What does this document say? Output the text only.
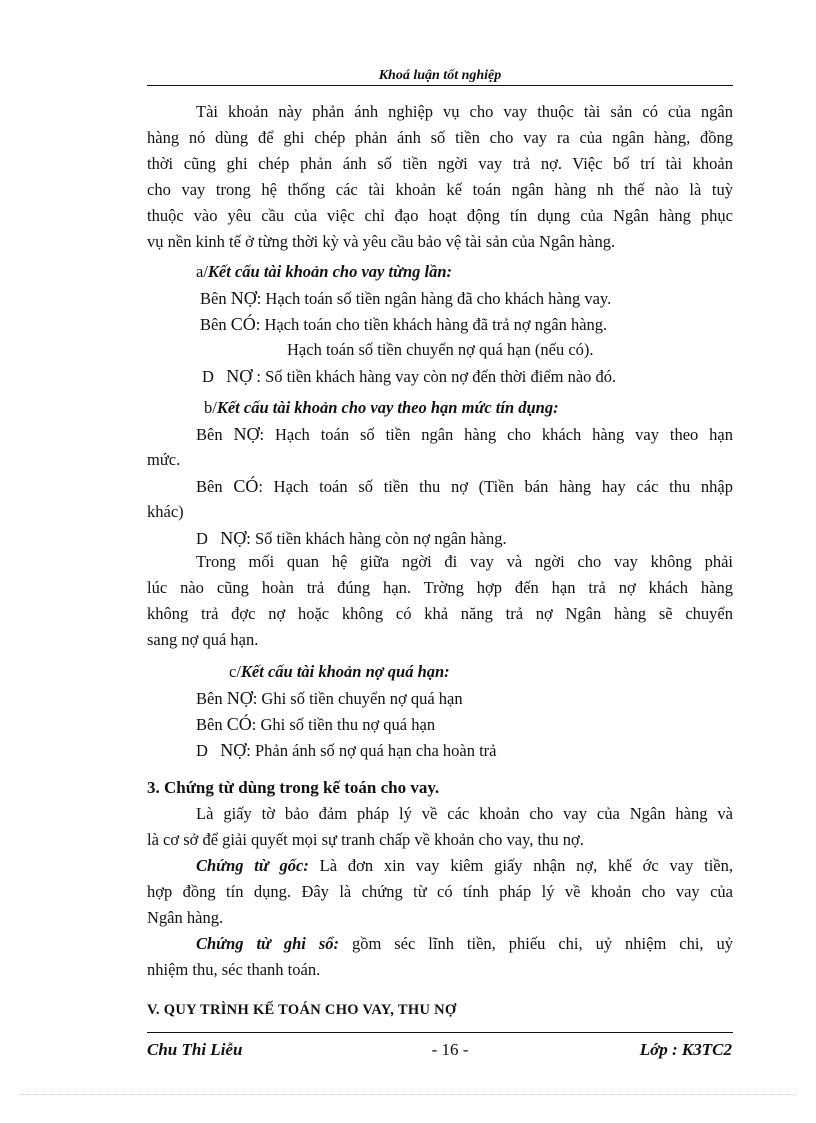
Khoá luận tốt nghiệp
Tài khoản này phản ánh nghiệp vụ cho vay thuộc tài sản có của ngân
hàng nó dùng để ghi chép phản ánh số tiền cho vay ra của ngân hàng, đồng
thời cũng ghi chép phản ánh số tiền ngời vay trả nợ. Việc bố trí tài khoản
cho vay trong hệ thống các tài khoản kế toán ngân hàng nh thế nào là tuỳ
thuộc vào yêu cầu của việc chỉ đạo hoạt động tín dụng của Ngân hàng phục
vụ nền kinh tế ở từng thời kỳ và yêu cầu bảo vệ tài sản của Ngân hàng.
a/Kết cấu tài khoản cho vay từng lần:
Bên NỢ: Hạch toán số tiền ngân hàng đã cho khách hàng vay.
Bên CÓ: Hạch toán cho tiền khách hàng đã trả nợ ngân hàng.
Hạch toán số tiền chuyển nợ quá hạn (nếu có).
D NỢ : Số tiền khách hàng vay còn nợ đến thời điểm nào đó.
b/Kết cấu tài khoản cho vay theo hạn mức tín dụng:
Bên NỢ: Hạch toán số tiền ngân hàng cho khách hàng vay theo hạn
mức.
Bên CÓ: Hạch toán số tiền thu nợ (Tiền bán hàng hay các thu nhập
khác)
D NỢ: Số tiền khách hàng còn nợ ngân hàng.
Trong mối quan hệ giữa ngời đi vay và ngời cho vay không phải
lúc nào cũng hoàn trả đúng hạn. Trờng hợp đến hạn trả nợ khách hàng
không trả đợc nợ hoặc không có khả năng trả nợ Ngân hàng sẽ chuyển
sang nợ quá hạn.
c/Kết cấu tài khoản nợ quá hạn:
Bên NỢ: Ghi số tiền chuyển nợ quá hạn
Bên CÓ: Ghi số tiền thu nợ quá hạn
D NỢ: Phản ánh số nợ quá hạn cha hoàn trả
3. Chứng từ dùng trong kế toán cho vay.
Là giấy tờ bảo đảm pháp lý về các khoản cho vay của Ngân hàng và
là cơ sở để giải quyết mọi sự tranh chấp về khoản cho vay, thu nợ.
Chứng từ gốc: Là đơn xin vay kiêm giấy nhận nợ, khế ớc vay tiền,
hợp đồng tín dụng. Đây là chứng từ có tính pháp lý về khoản cho vay của
Ngân hàng.
Chứng từ ghi sổ: gồm séc lĩnh tiền, phiếu chi, uỷ nhiệm chi, uỷ
nhiệm thu, séc thanh toán.
V. QUY TRÌNH KẾ TOÁN CHO VAY, THU NỢ
Chu Thi Liễu	- 16 -	Lớp : K3TC2
